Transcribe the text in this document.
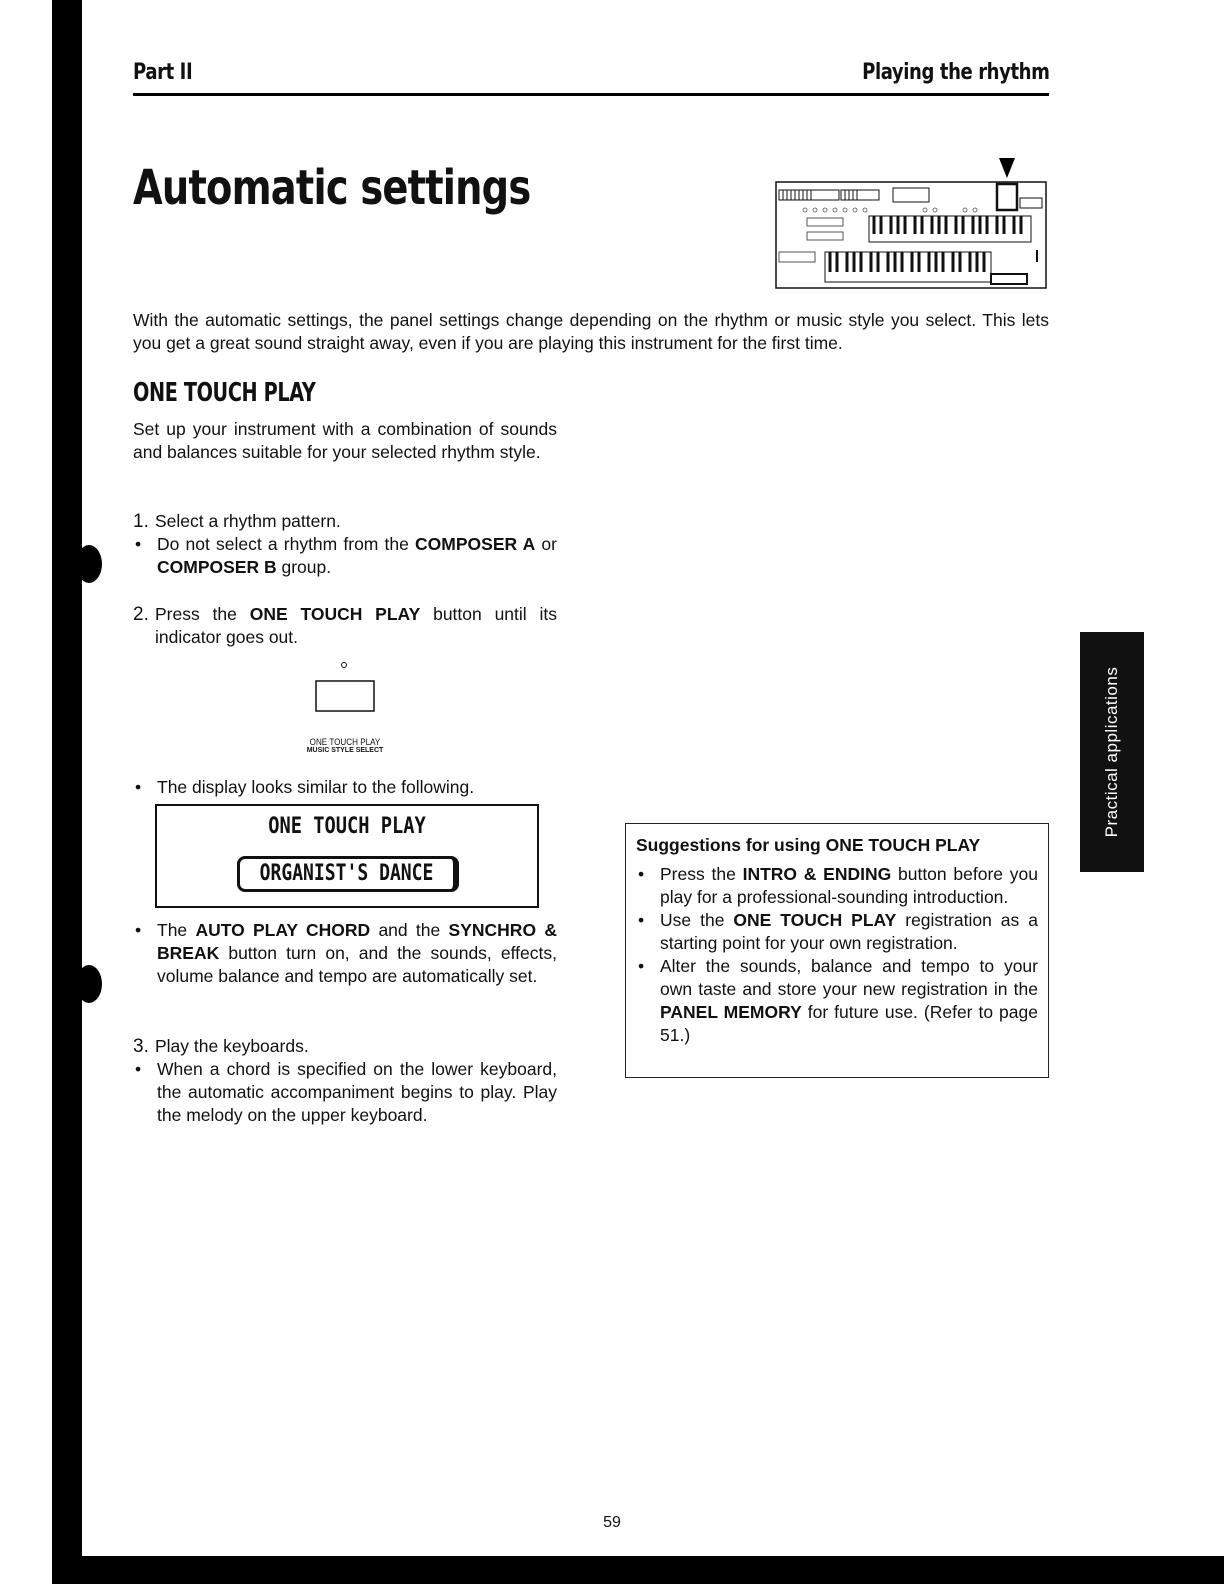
Part II	Playing the rhythm
Automatic settings
With the automatic settings, the panel settings change depending on the rhythm or music style you select. This lets you get a great sound straight away, even if you are playing this instrument for the first time.
ONE TOUCH PLAY
Set up your instrument with a combination of sounds and balances suitable for your selected rhythm style.
1. Select a rhythm pattern.
• Do not select a rhythm from the COMPOSER A or COMPOSER B group.
2. Press the ONE TOUCH PLAY button until its indicator goes out.
ONE TOUCH PLAY
MUSIC STYLE SELECT
• The display looks similar to the following.
ONE TOUCH PLAY
ORGANIST'S DANCE
• The AUTO PLAY CHORD and the SYNCHRO & BREAK button turn on, and the sounds, effects, volume balance and tempo are automatically set.
3. Play the keyboards.
• When a chord is specified on the lower keyboard, the automatic accompaniment begins to play. Play the melody on the upper keyboard.
Suggestions for using ONE TOUCH PLAY
• Press the INTRO & ENDING button before you play for a professional-sounding introduction.
• Use the ONE TOUCH PLAY registration as a starting point for your own registration.
• Alter the sounds, balance and tempo to your own taste and store your new registration in the PANEL MEMORY for future use. (Refer to page 51.)
Practical applications
59
